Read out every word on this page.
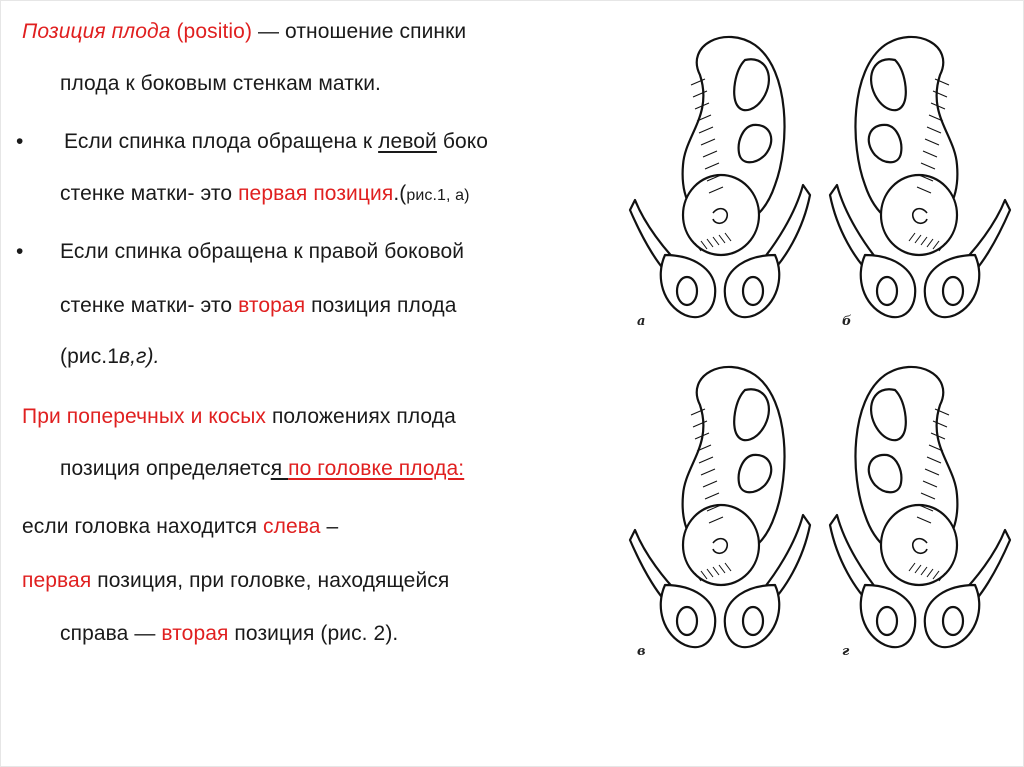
Позиция плода (positio) — отношение спинки
плода к боковым стенкам матки.
• Если спинка плода обращена к левой боко
стенке матки- это первая позиция.(рис.1, а)
• Если спинка обращена к правой боковой
стенке матки- это вторая позиция плода
(рис.1в,г).
При поперечных и косых положениях плода
позиция определяется по головке плода:
если головка находится слева –
первая позиция, при головке, находящейся
справа — вторая позиция (рис. 2).
а	б
в	г
